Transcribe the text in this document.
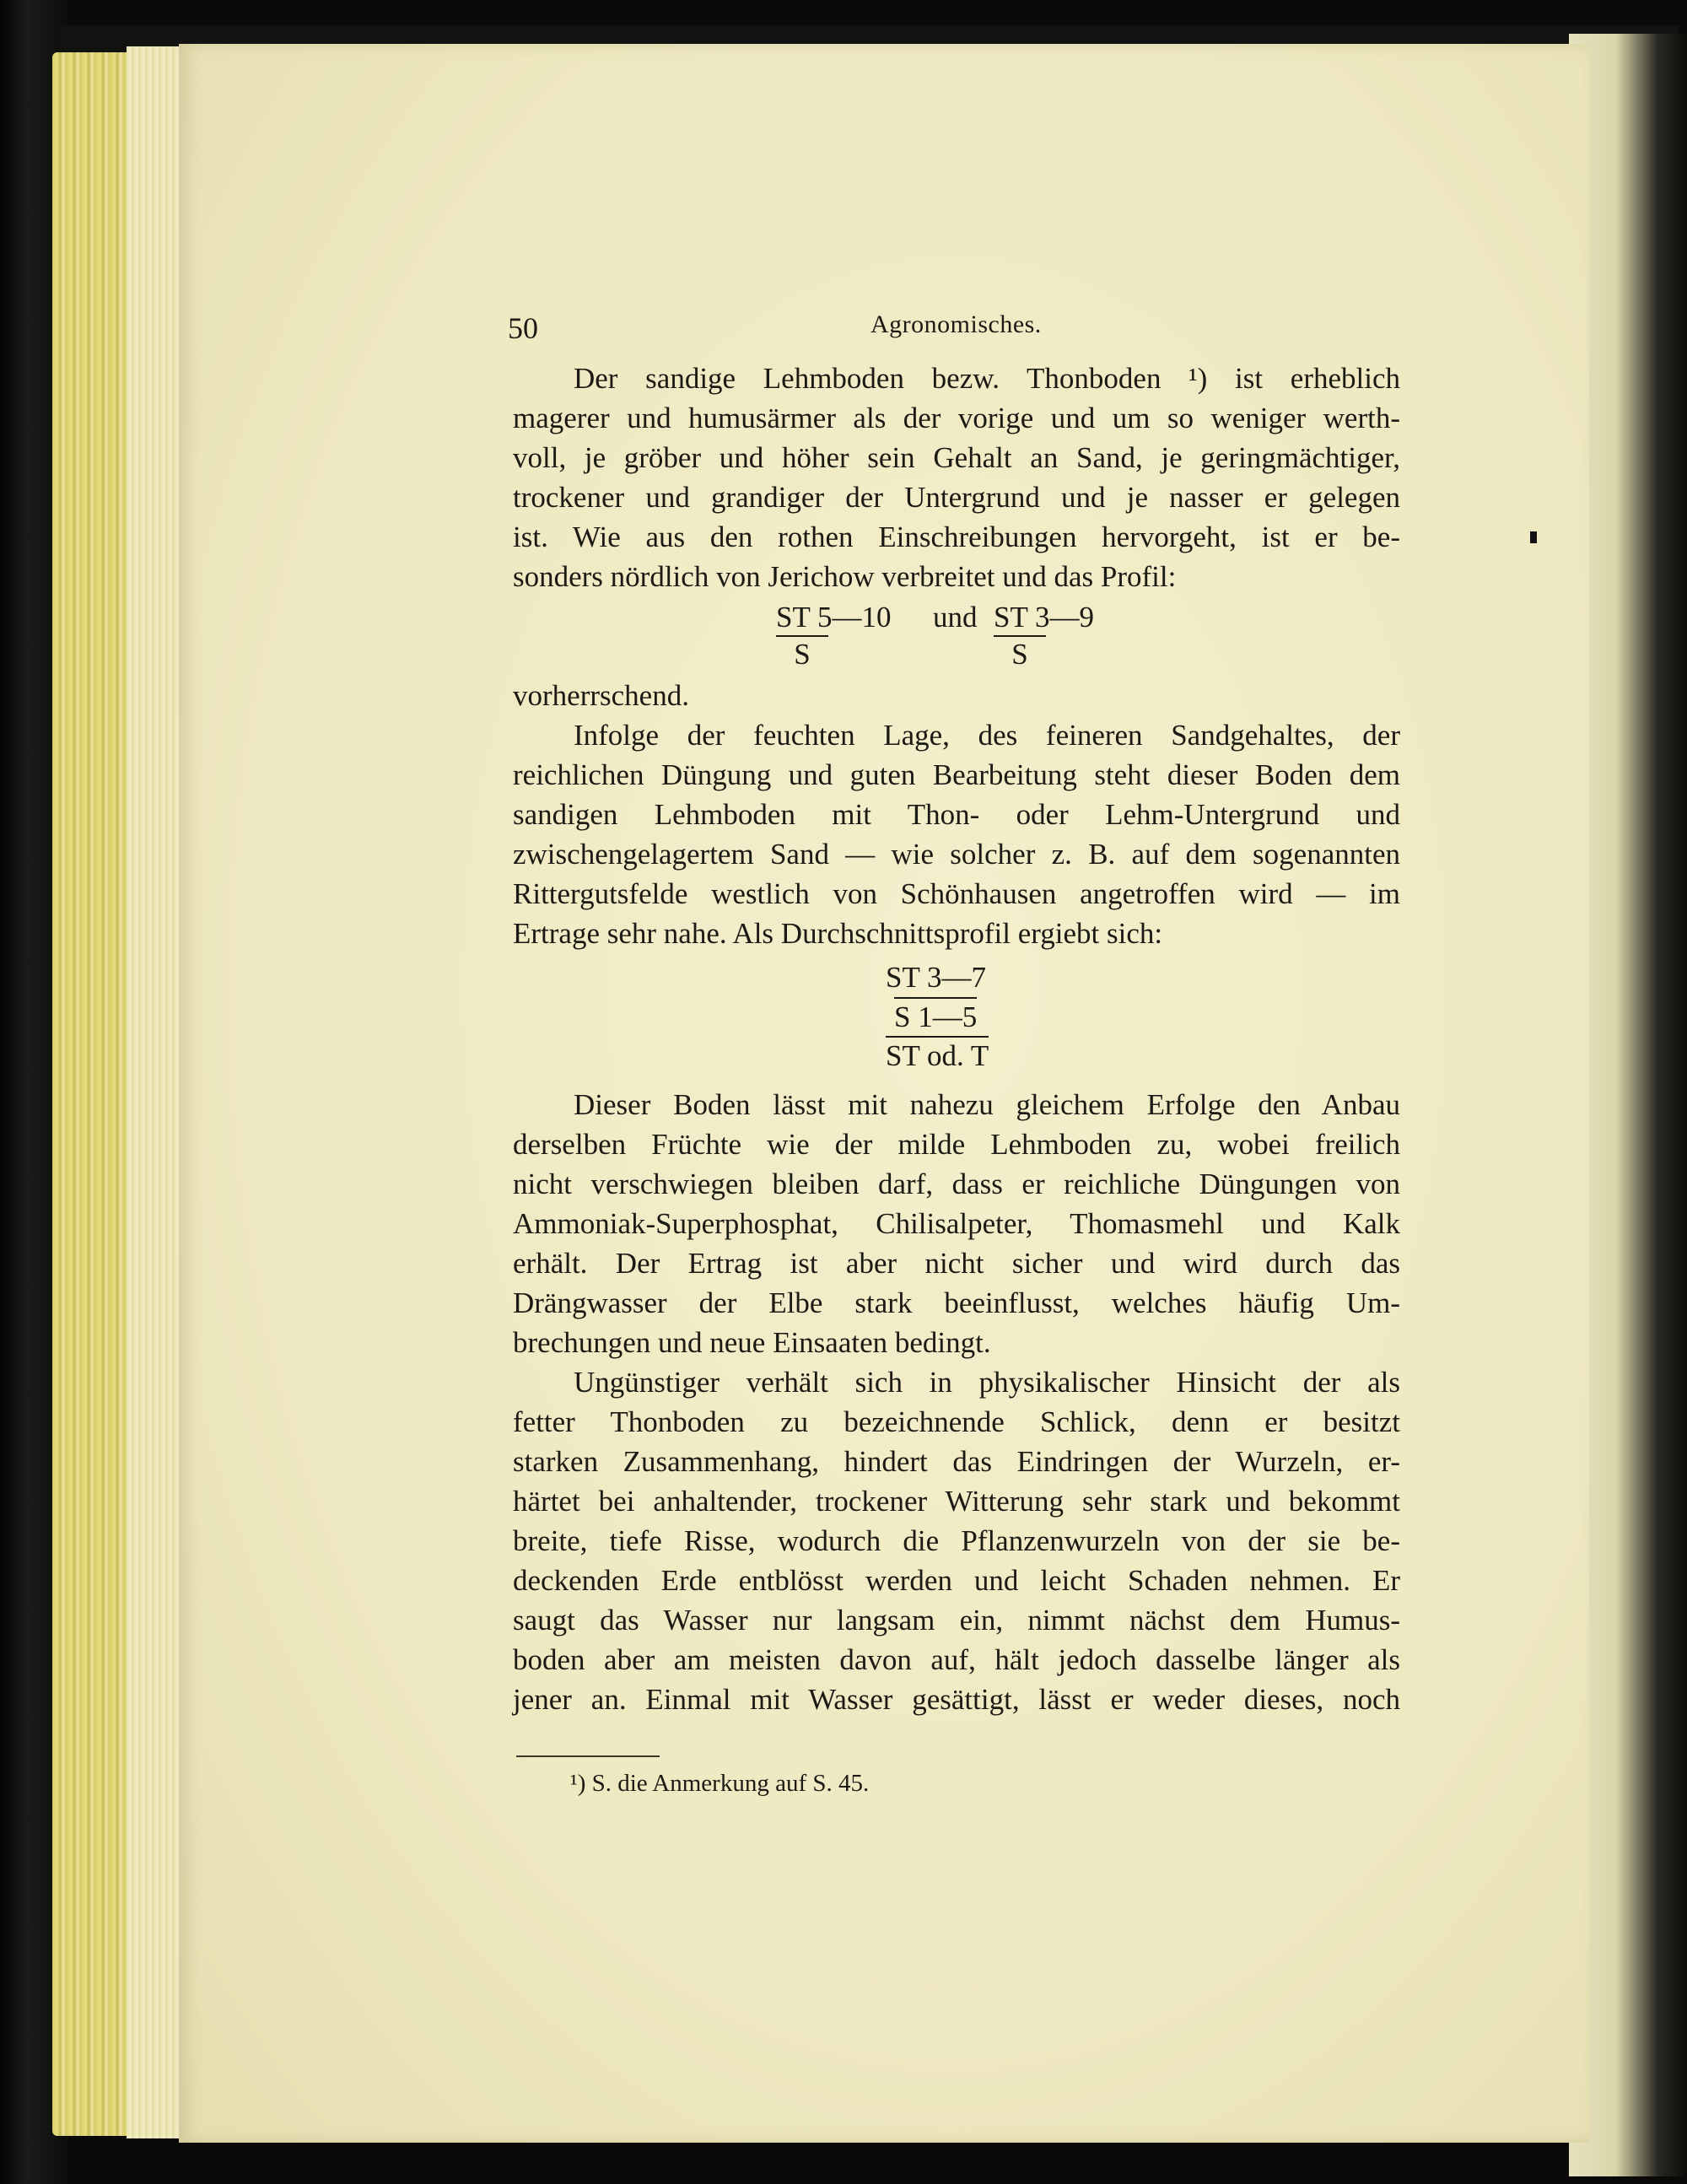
50	Agronomisches.
Der sandige Lehmboden bezw. Thonboden ¹) ist erheblich
magerer und humusärmer als der vorige und um so weniger werth-
voll, je gröber und höher sein Gehalt an Sand, je geringmächtiger,
trockener und grandiger der Untergrund und je nasser er gelegen
ist. Wie aus den rothen Einschreibungen hervorgeht, ist er be-
sonders nördlich von Jerichow verbreitet und das Profil:
$\frac{ST 5—10}{S}$ und $\frac{ST 3—9}{S}$
vorherrschend.
Infolge der feuchten Lage, des feineren Sandgehaltes, der
reichlichen Düngung und guten Bearbeitung steht dieser Boden dem
sandigen Lehmboden mit Thon- oder Lehm-Untergrund und
zwischengelagertem Sand — wie solcher z. B. auf dem sogenannten
Rittergutsfelde westlich von Schönhausen angetroffen wird — im
Ertrage sehr nahe. Als Durchschnittsprofil ergiebt sich:
ST 3—7
S 1—5
ST od. T
Dieser Boden lässt mit nahezu gleichem Erfolge den Anbau
derselben Früchte wie der milde Lehmboden zu, wobei freilich
nicht verschwiegen bleiben darf, dass er reichliche Düngungen von
Ammoniak-Superphosphat, Chilisalpeter, Thomasmehl und Kalk
erhält. Der Ertrag ist aber nicht sicher und wird durch das
Drängwasser der Elbe stark beeinflusst, welches häufig Um-
brechungen und neue Einsaaten bedingt.
Ungünstiger verhält sich in physikalischer Hinsicht der als
fetter Thonboden zu bezeichnende Schlick, denn er besitzt
starken Zusammenhang, hindert das Eindringen der Wurzeln, er-
härtet bei anhaltender, trockener Witterung sehr stark und bekommt
breite, tiefe Risse, wodurch die Pflanzenwurzeln von der sie be-
deckenden Erde entblösst werden und leicht Schaden nehmen. Er
saugt das Wasser nur langsam ein, nimmt nächst dem Humus-
boden aber am meisten davon auf, hält jedoch dasselbe länger als
jener an. Einmal mit Wasser gesättigt, lässt er weder dieses, noch
¹) S. die Anmerkung auf S. 45.
